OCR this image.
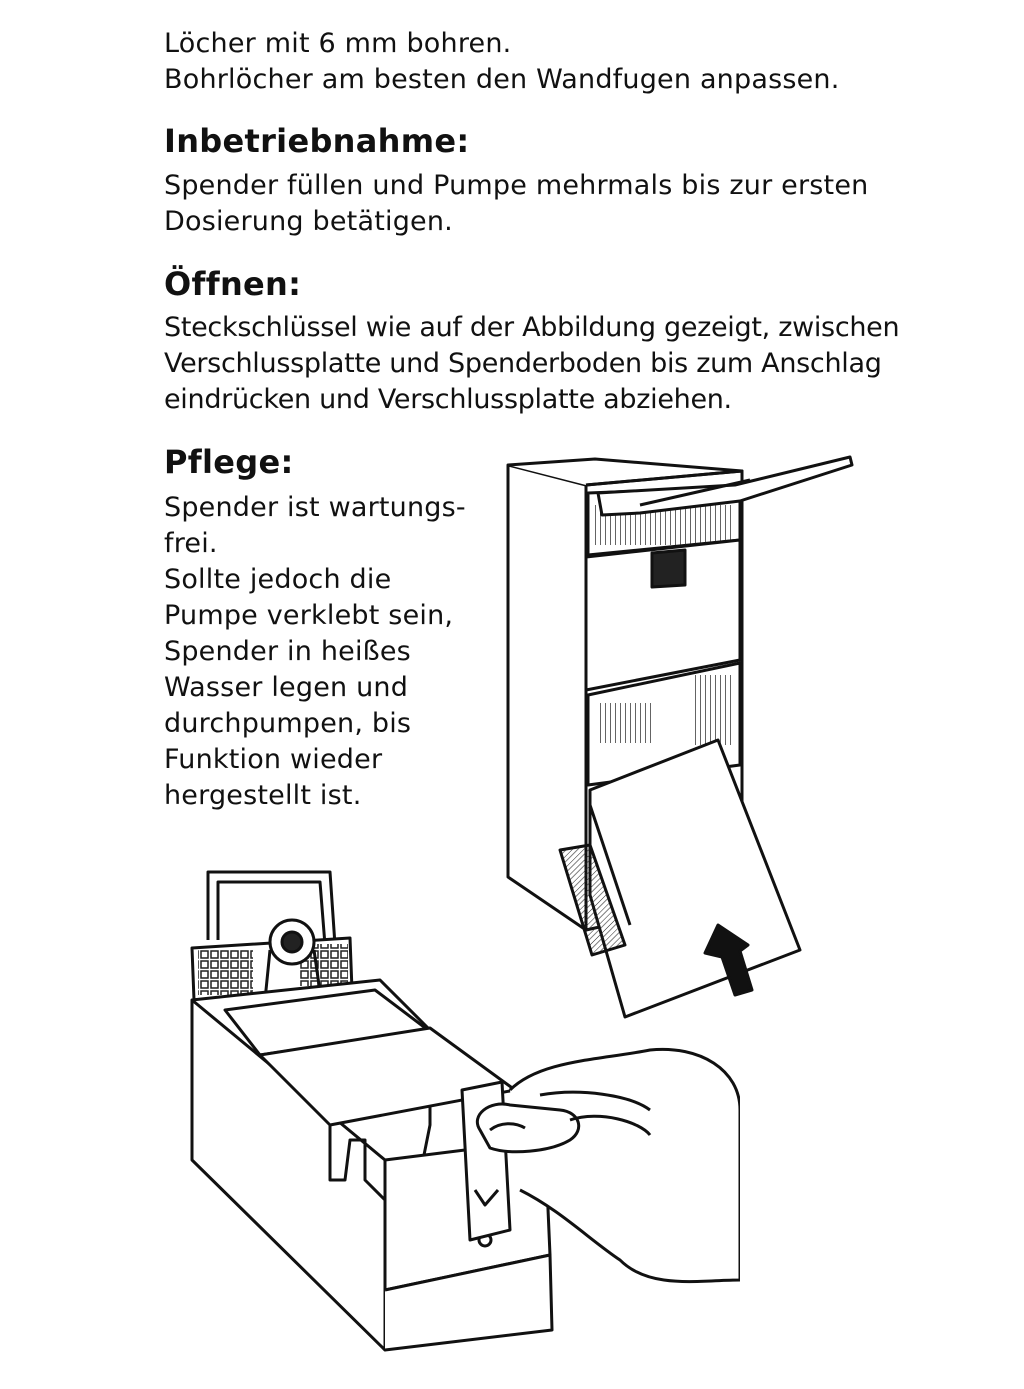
Löcher mit 6 mm bohren.
Bohrlöcher am besten den Wandfugen anpassen.
Inbetriebnahme:
Spender füllen und Pumpe mehrmals bis zur ersten
Dosierung betätigen.
Öffnen:
Steckschlüssel wie auf der Abbildung gezeigt, zwischen
Verschlussplatte und Spenderboden bis zum Anschlag
eindrücken und Verschlussplatte abziehen.
Pflege:
Spender ist wartungs-
frei.
Sollte jedoch die
Pumpe verklebt sein,
Spender in heißes
Wasser legen und
durchpumpen, bis
Funktion wieder
hergestellt ist.
